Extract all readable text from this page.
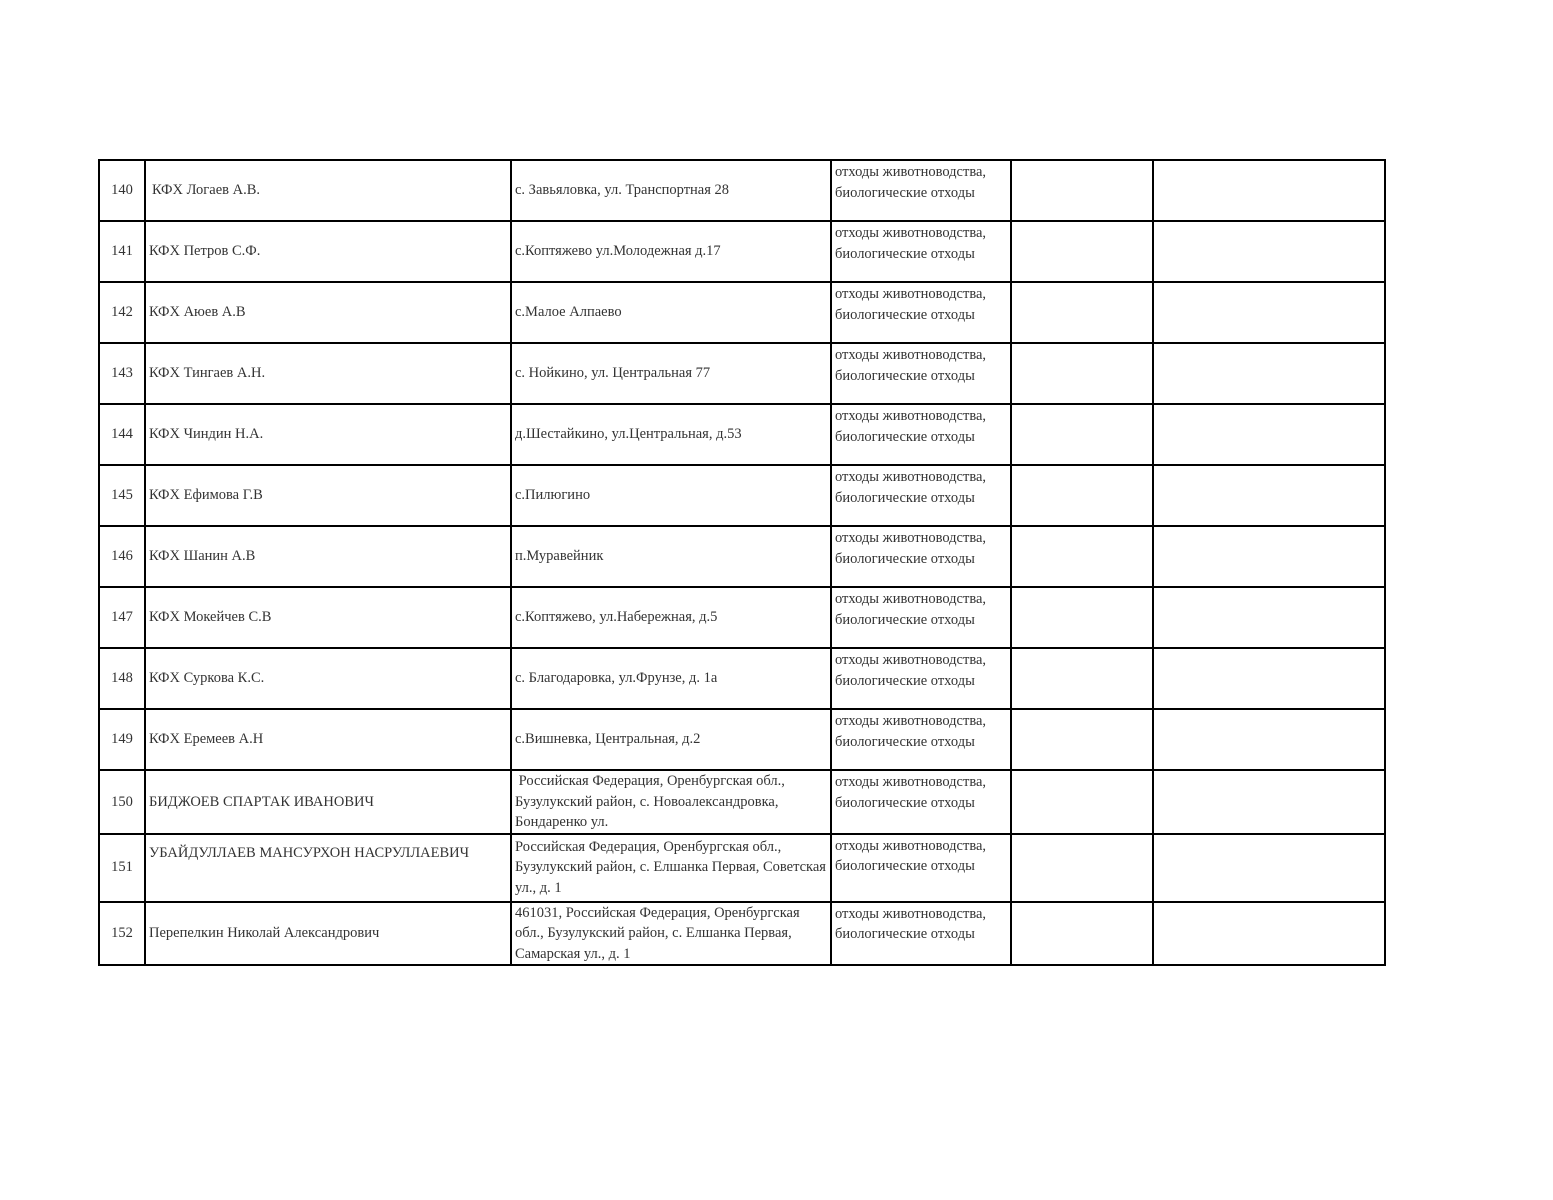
140	КФХ Логаев А.В.	с. Завьяловка, ул. Транспортная 28	отходы животноводства, биологические отходы		
141	КФХ Петров С.Ф.	с.Коптяжево ул.Молодежная д.17	отходы животноводства, биологические отходы		
142	КФХ Аюев А.В	с.Малое Алпаево	отходы животноводства, биологические отходы		
143	КФХ Тингаев А.Н.	с. Нойкино, ул. Центральная 77	отходы животноводства, биологические отходы		
144	КФХ Чиндин Н.А.	д.Шестайкино, ул.Центральная, д.53	отходы животноводства, биологические отходы		
145	КФХ Ефимова Г.В	с.Пилюгино	отходы животноводства, биологические отходы		
146	КФХ Шанин А.В	п.Муравейник	отходы животноводства, биологические отходы		
147	КФХ Мокейчев С.В	с.Коптяжево, ул.Набережная, д.5	отходы животноводства, биологические отходы		
148	КФХ Суркова К.С.	с. Благодаровка, ул.Фрунзе, д. 1а	отходы животноводства, биологические отходы		
149	КФХ Еремеев А.Н	с.Вишневка, Центральная, д.2	отходы животноводства, биологические отходы		
150	БИДЖОЕВ СПАРТАК ИВАНОВИЧ	Российская Федерация, Оренбургская обл., Бузулукский район, с. Новоалександровка, Бондаренко ул.	отходы животноводства, биологические отходы		
151	УБАЙДУЛЛАЕВ МАНСУРХОН НАСРУЛЛАЕВИЧ	Российская Федерация, Оренбургская обл., Бузулукский район, с. Елшанка Первая, Советская ул., д. 1	отходы животноводства, биологические отходы		
152	Перепелкин Николай Александрович	461031, Российская Федерация, Оренбургская обл., Бузулукский район, с. Елшанка Первая, Самарская ул., д. 1	отходы животноводства, биологические отходы		
